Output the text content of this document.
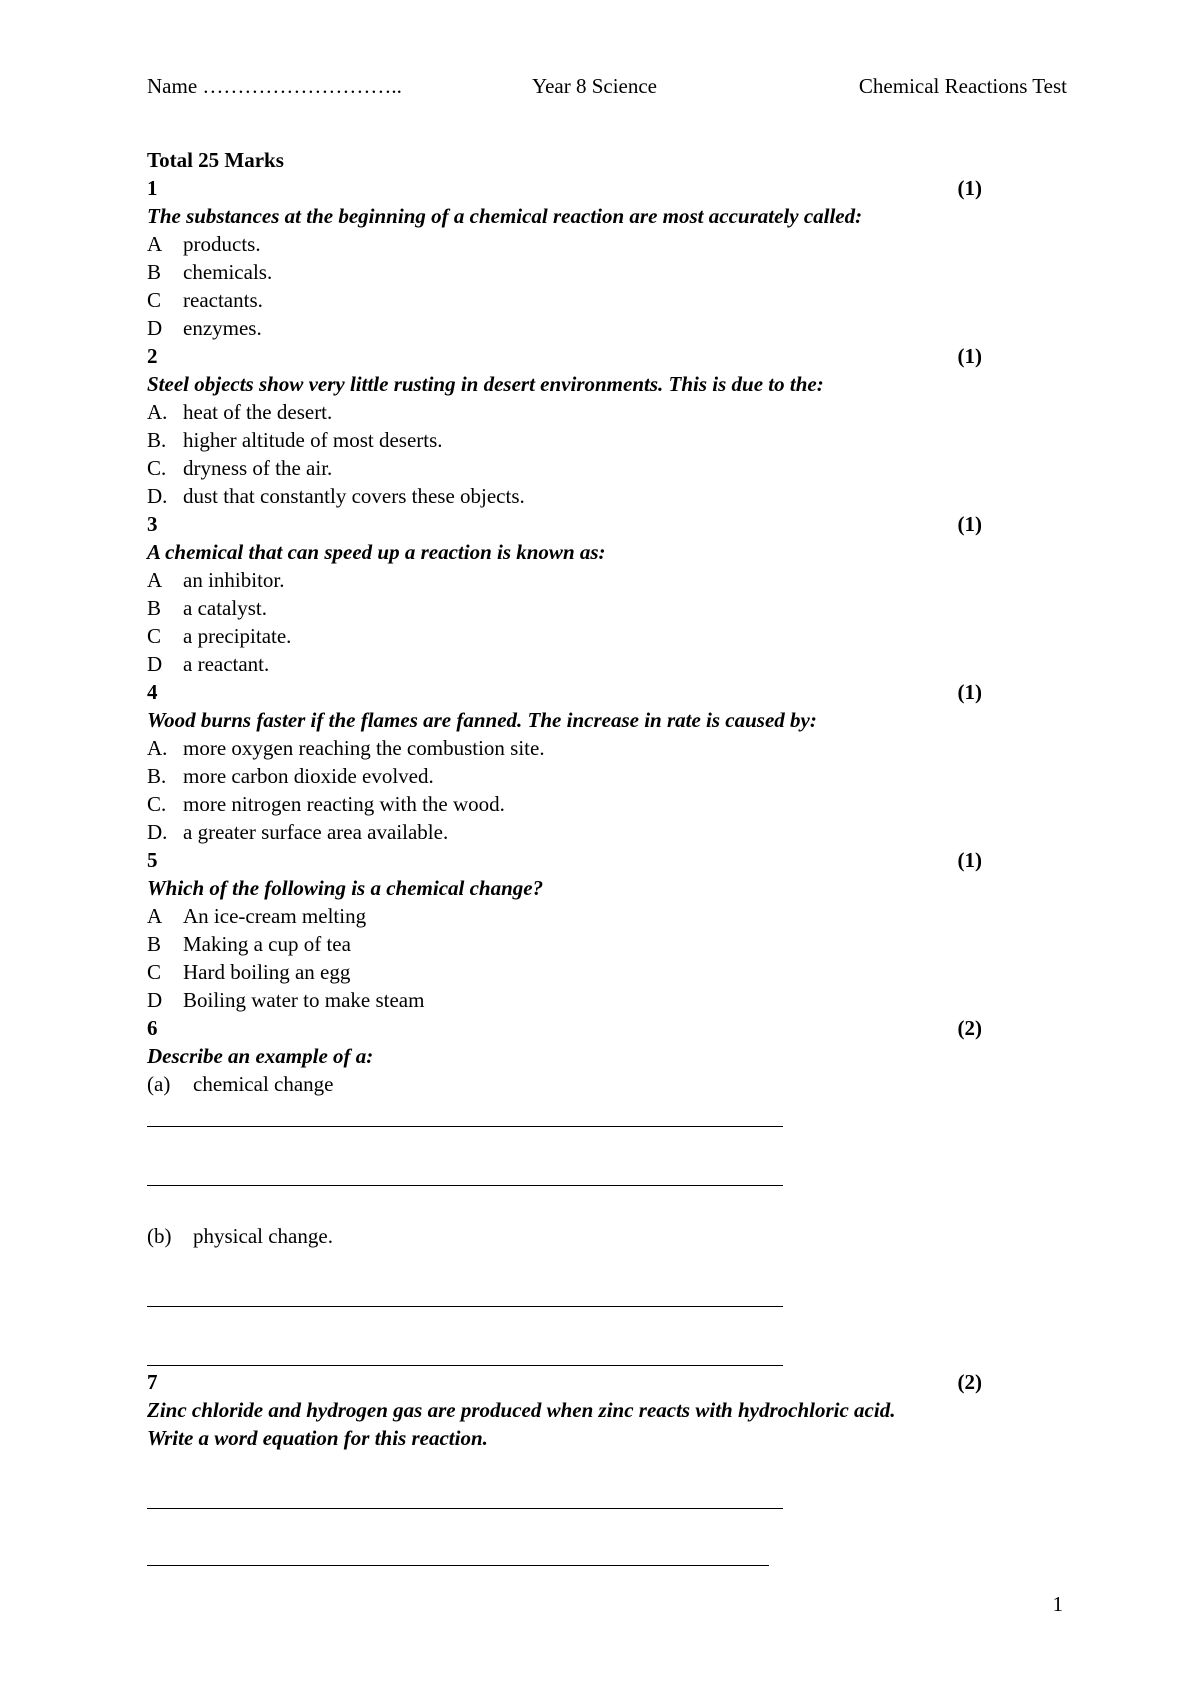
Name ………………………..	Year 8 Science	Chemical Reactions Test
Total 25 Marks
1	(1)
The substances at the beginning of a chemical reaction are most accurately called:
A products.
B chemicals.
C reactants.
D enzymes.
2	(1)
Steel objects show very little rusting in desert environments. This is due to the:
A. heat of the desert.
B. higher altitude of most deserts.
C. dryness of the air.
D. dust that constantly covers these objects.
3	(1)
A chemical that can speed up a reaction is known as:
A an inhibitor.
B a catalyst.
C a precipitate.
D a reactant.
4	(1)
Wood burns faster if the flames are fanned. The increase in rate is caused by:
A. more oxygen reaching the combustion site.
B. more carbon dioxide evolved.
C. more nitrogen reacting with the wood.
D. a greater surface area available.
5	(1)
Which of the following is a chemical change?
A An ice-cream melting
B Making a cup of tea
C Hard boiling an egg
D Boiling water to make steam
6	(2)
Describe an example of a:
(a) chemical change
(b) physical change.
7	(2)
Zinc chloride and hydrogen gas are produced when zinc reacts with hydrochloric acid.
Write a word equation for this reaction.
1
